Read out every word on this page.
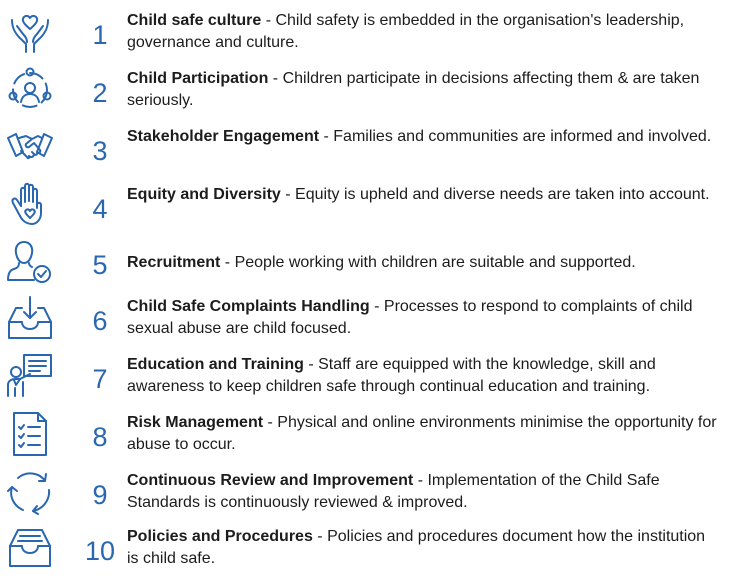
1	Child safe culture - Child safety is embedded in the organisation's leadership, governance and culture.
2	Child Participation - Children participate in decisions affecting them & are taken seriously.
3	Stakeholder Engagement - Families and communities are informed and involved.
4	Equity and Diversity - Equity is upheld and diverse needs are taken into account.
5	Recruitment - People working with children are suitable and supported.
6	Child Safe Complaints Handling - Processes to respond to complaints of child sexual abuse are child focused.
7	Education and Training - Staff are equipped with the knowledge, skill and awareness to keep children safe through continual education and training.
8	Risk Management - Physical and online environments minimise the opportunity for abuse to occur.
9	Continuous Review and Improvement - Implementation of the Child Safe Standards is continuously reviewed & improved.
10 Policies and Procedures - Policies and procedures document how the institution is child safe.
